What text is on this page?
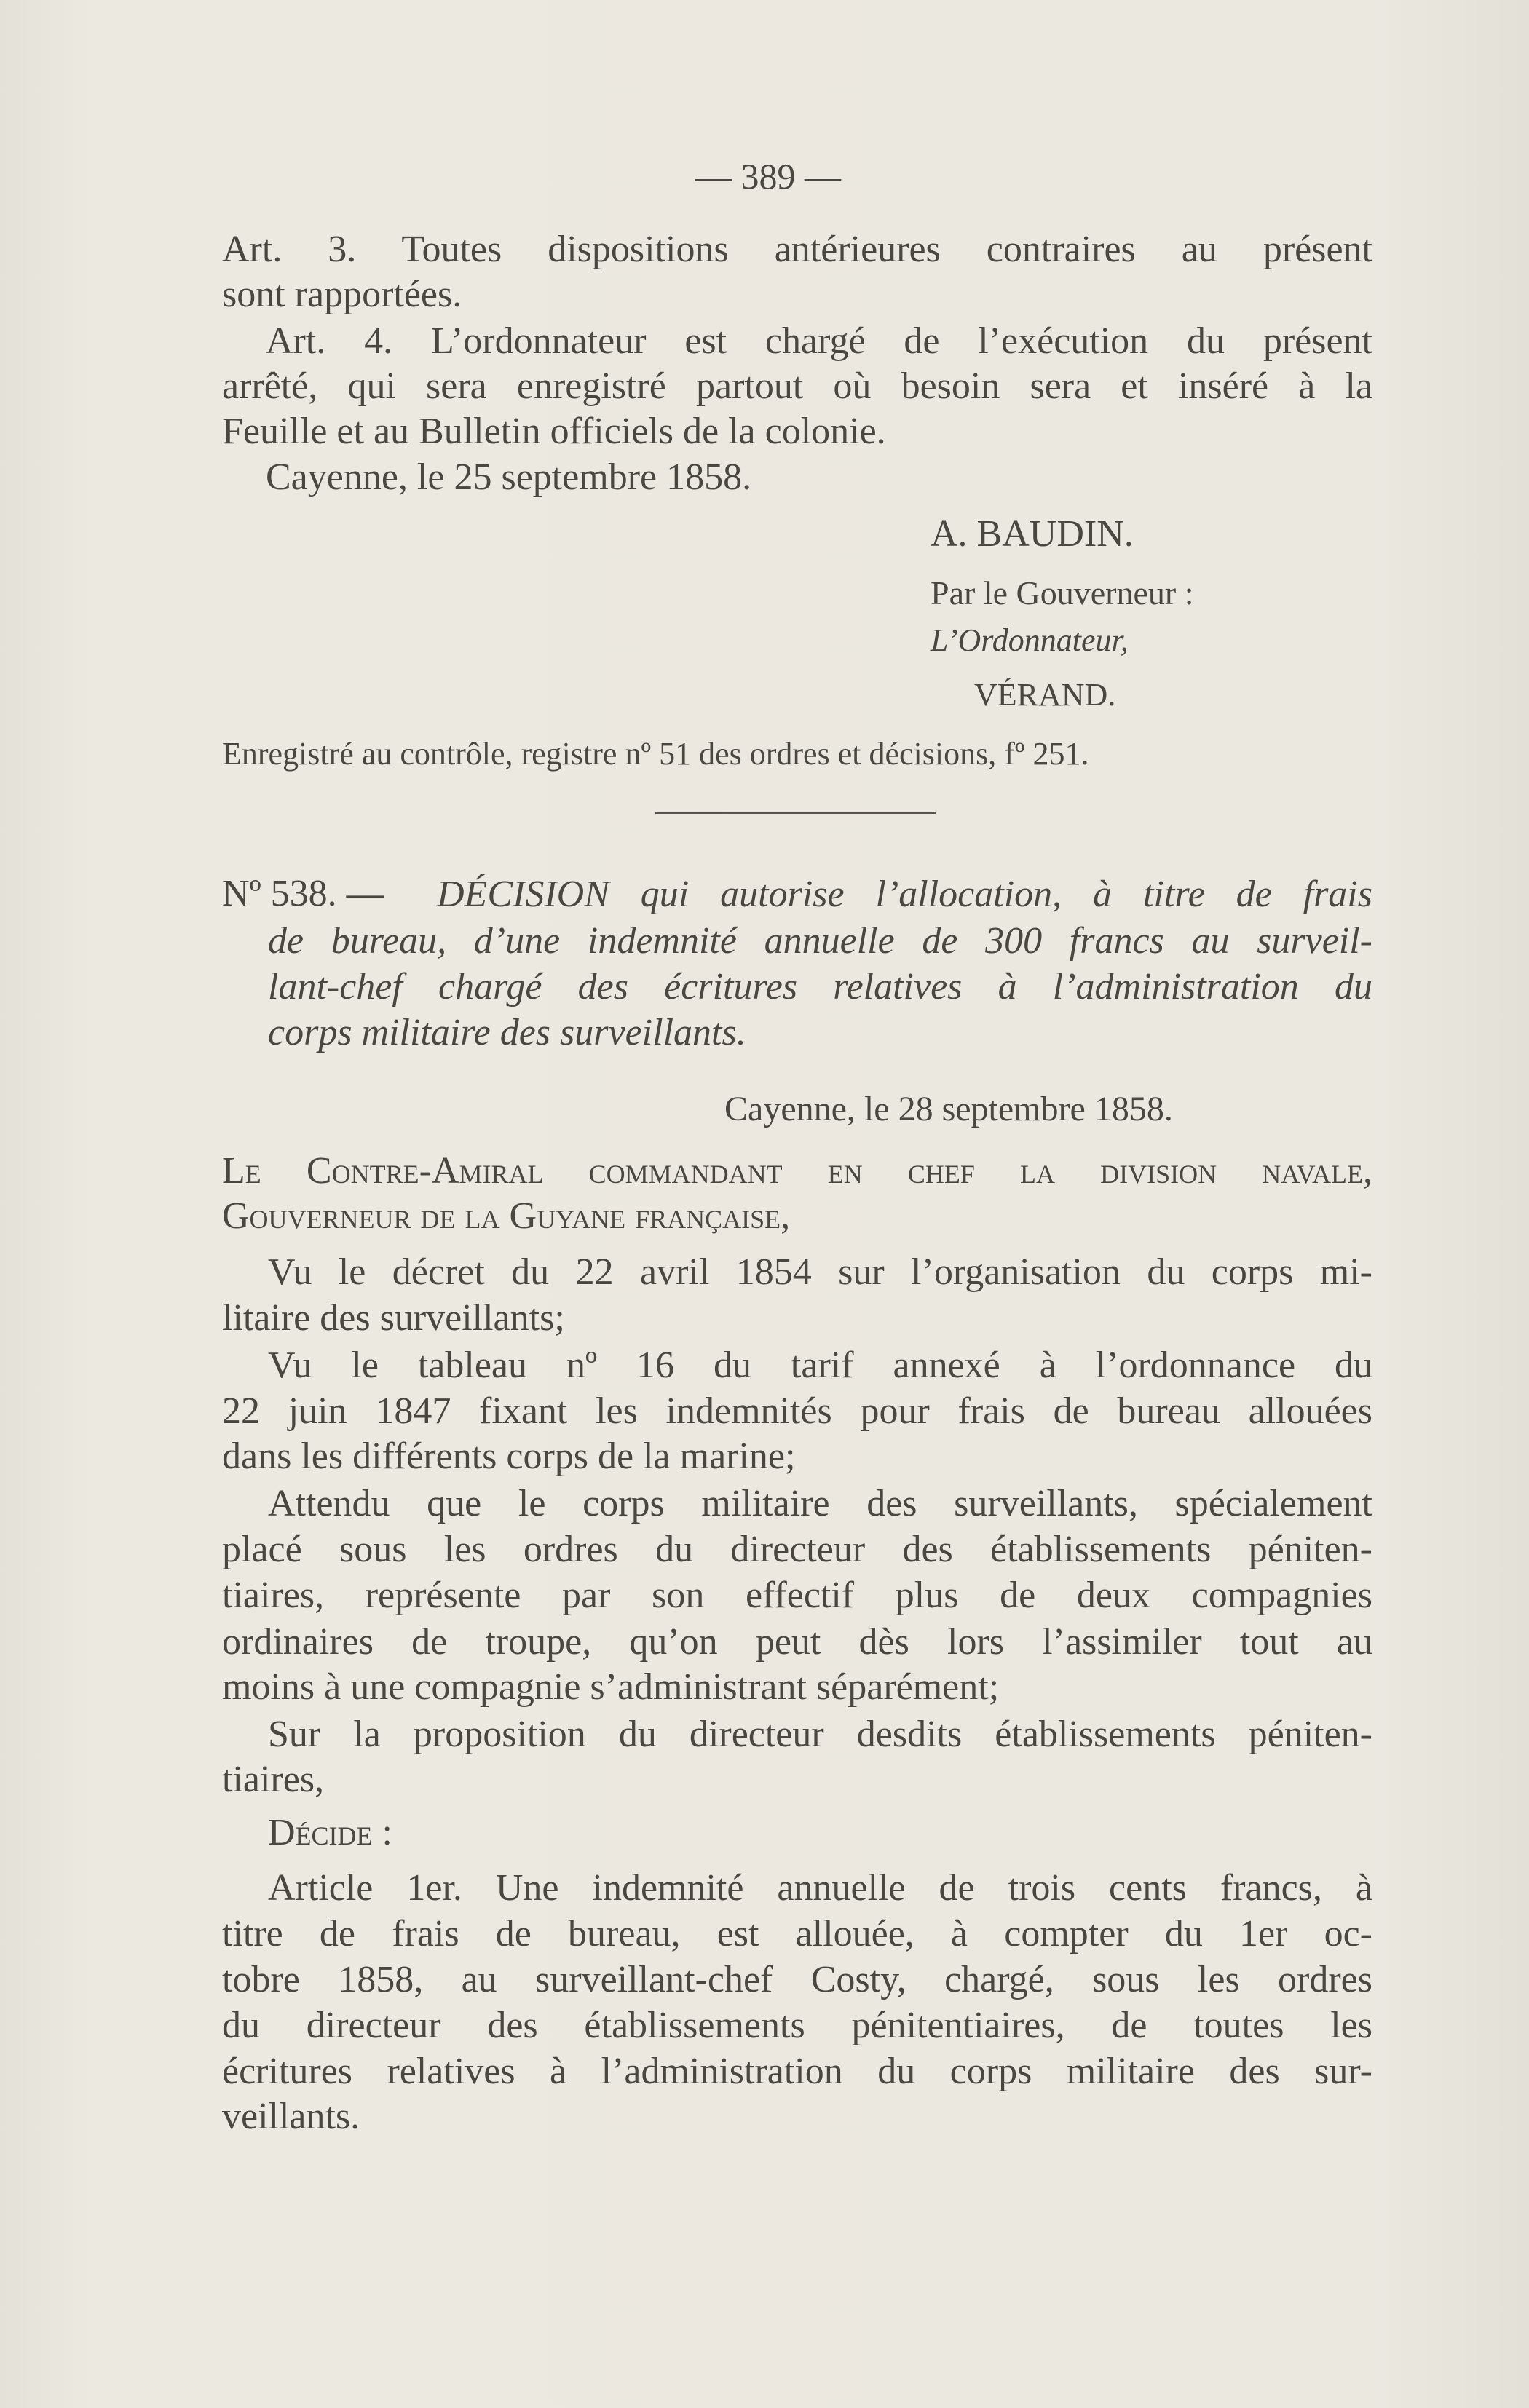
— 389 —
Art. 3. Toutes dispositions antérieures contraires au présent
sont rapportées.
Art. 4. L’ordonnateur est chargé de l’exécution du présent
arrêté, qui sera enregistré partout où besoin sera et inséré à la
Feuille et au Bulletin officiels de la colonie.
Cayenne, le 25 septembre 1858.
A. BAUDIN.
Par le Gouverneur :
L’Ordonnateur,
VÉRAND.
Enregistré au contrôle, registre nº 51 des ordres et décisions, fº 251.
Nº 538. — DÉCISION qui autorise l’allocation, à titre de frais
de bureau, d’une indemnité annuelle de 300 francs au surveil-
lant-chef chargé des écritures relatives à l’administration du
corps militaire des surveillants.
Cayenne, le 28 septembre 1858.
Le Contre-Amiral commandant en chef la division navale,
Gouverneur de la Guyane française,
Vu le décret du 22 avril 1854 sur l’organisation du corps mi-
litaire des surveillants;
Vu le tableau nº 16 du tarif annexé à l’ordonnance du
22 juin 1847 fixant les indemnités pour frais de bureau allouées
dans les différents corps de la marine;
Attendu que le corps militaire des surveillants, spécialement
placé sous les ordres du directeur des établissements péniten-
tiaires, représente par son effectif plus de deux compagnies
ordinaires de troupe, qu’on peut dès lors l’assimiler tout au
moins à une compagnie s’administrant séparément;
Sur la proposition du directeur desdits établissements péniten-
tiaires,
Décide :
Article 1er. Une indemnité annuelle de trois cents francs, à
titre de frais de bureau, est allouée, à compter du 1er oc-
tobre 1858, au surveillant-chef Costy, chargé, sous les ordres
du directeur des établissements pénitentiaires, de toutes les
écritures relatives à l’administration du corps militaire des sur-
veillants.
